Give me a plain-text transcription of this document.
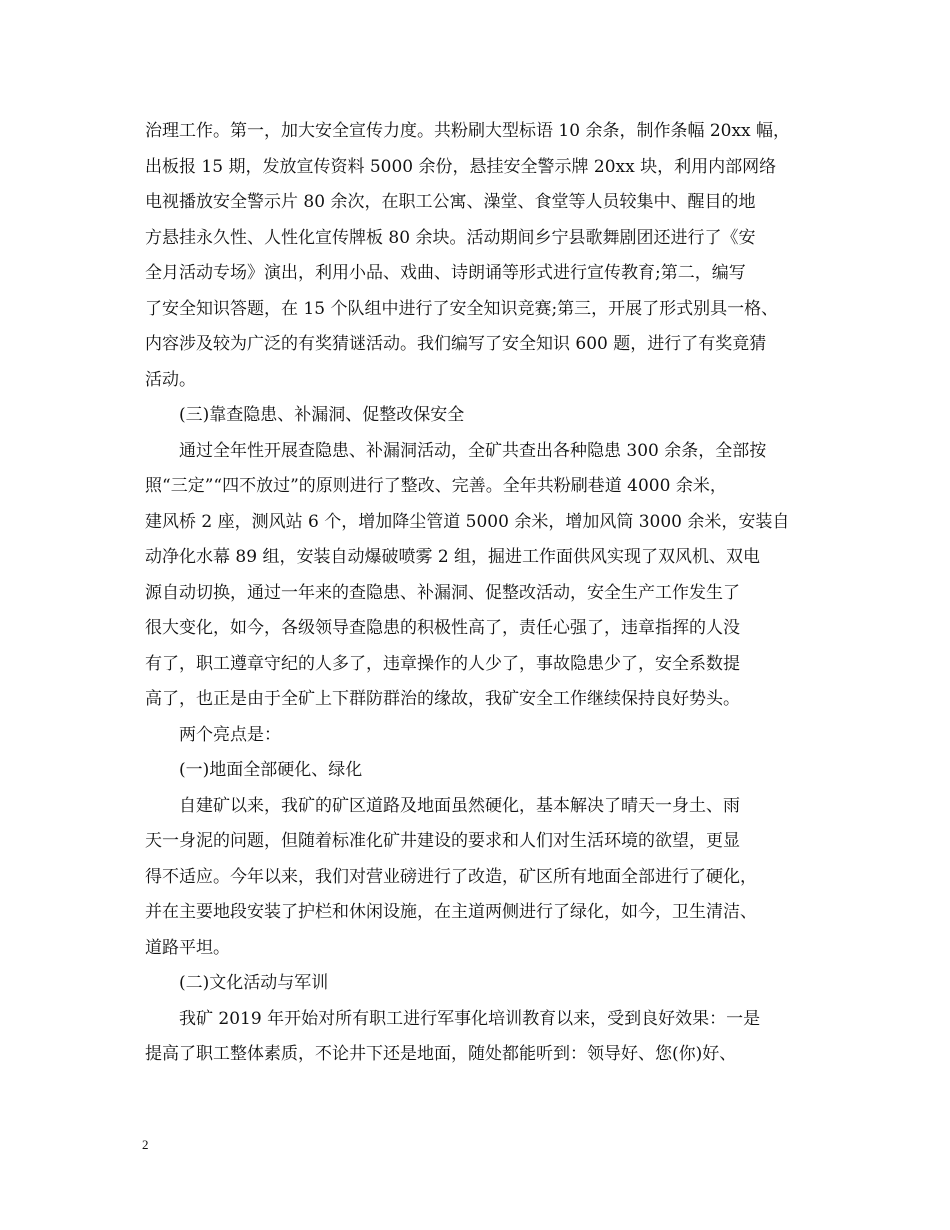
治理工作。第一，加大安全宣传力度。共粉刷大型标语 10 余条，制作条幅 20xx 幅，
出板报 15 期，发放宣传资料 5000 余份，悬挂安全警示牌 20xx 块，利用内部网络
电视播放安全警示片 80 余次，在职工公寓、澡堂、食堂等人员较集中、醒目的地
方悬挂永久性、人性化宣传牌板 80 余块。活动期间乡宁县歌舞剧团还进行了《安
全月活动专场》演出，利用小品、戏曲、诗朗诵等形式进行宣传教育;第二，编写
了安全知识答题，在 15 个队组中进行了安全知识竞赛;第三，开展了形式别具一格、
内容涉及较为广泛的有奖猜谜活动。我们编写了安全知识 600 题，进行了有奖竟猜
活动。
(三)靠查隐患、补漏洞、促整改保安全
通过全年性开展查隐患、补漏洞活动，全矿共查出各种隐患 300 余条，全部按
照“三定”“四不放过”的原则进行了整改、完善。全年共粉刷巷道 4000 余米，
建风桥 2 座，测风站 6 个，增加降尘管道 5000 余米，增加风筒 3000 余米，安装自
动净化水幕 89 组，安装自动爆破喷雾 2 组，掘进工作面供风实现了双风机、双电
源自动切换，通过一年来的查隐患、补漏洞、促整改活动，安全生产工作发生了
很大变化，如今，各级领导查隐患的积极性高了，责任心强了，违章指挥的人没
有了，职工遵章守纪的人多了，违章操作的人少了，事故隐患少了，安全系数提
高了，也正是由于全矿上下群防群治的缘故，我矿安全工作继续保持良好势头。
两个亮点是：
(一)地面全部硬化、绿化
自建矿以来，我矿的矿区道路及地面虽然硬化，基本解决了晴天一身土、雨
天一身泥的问题，但随着标准化矿井建设的要求和人们对生活环境的欲望，更显
得不适应。今年以来，我们对营业磅进行了改造，矿区所有地面全部进行了硬化，
并在主要地段安装了护栏和休闲设施，在主道两侧进行了绿化，如今，卫生清洁、
道路平坦。
(二)文化活动与军训
我矿 2019 年开始对所有职工进行军事化培训教育以来，受到良好效果：一是
提高了职工整体素质，不论井下还是地面，随处都能听到：领导好、您(你)好、
2
